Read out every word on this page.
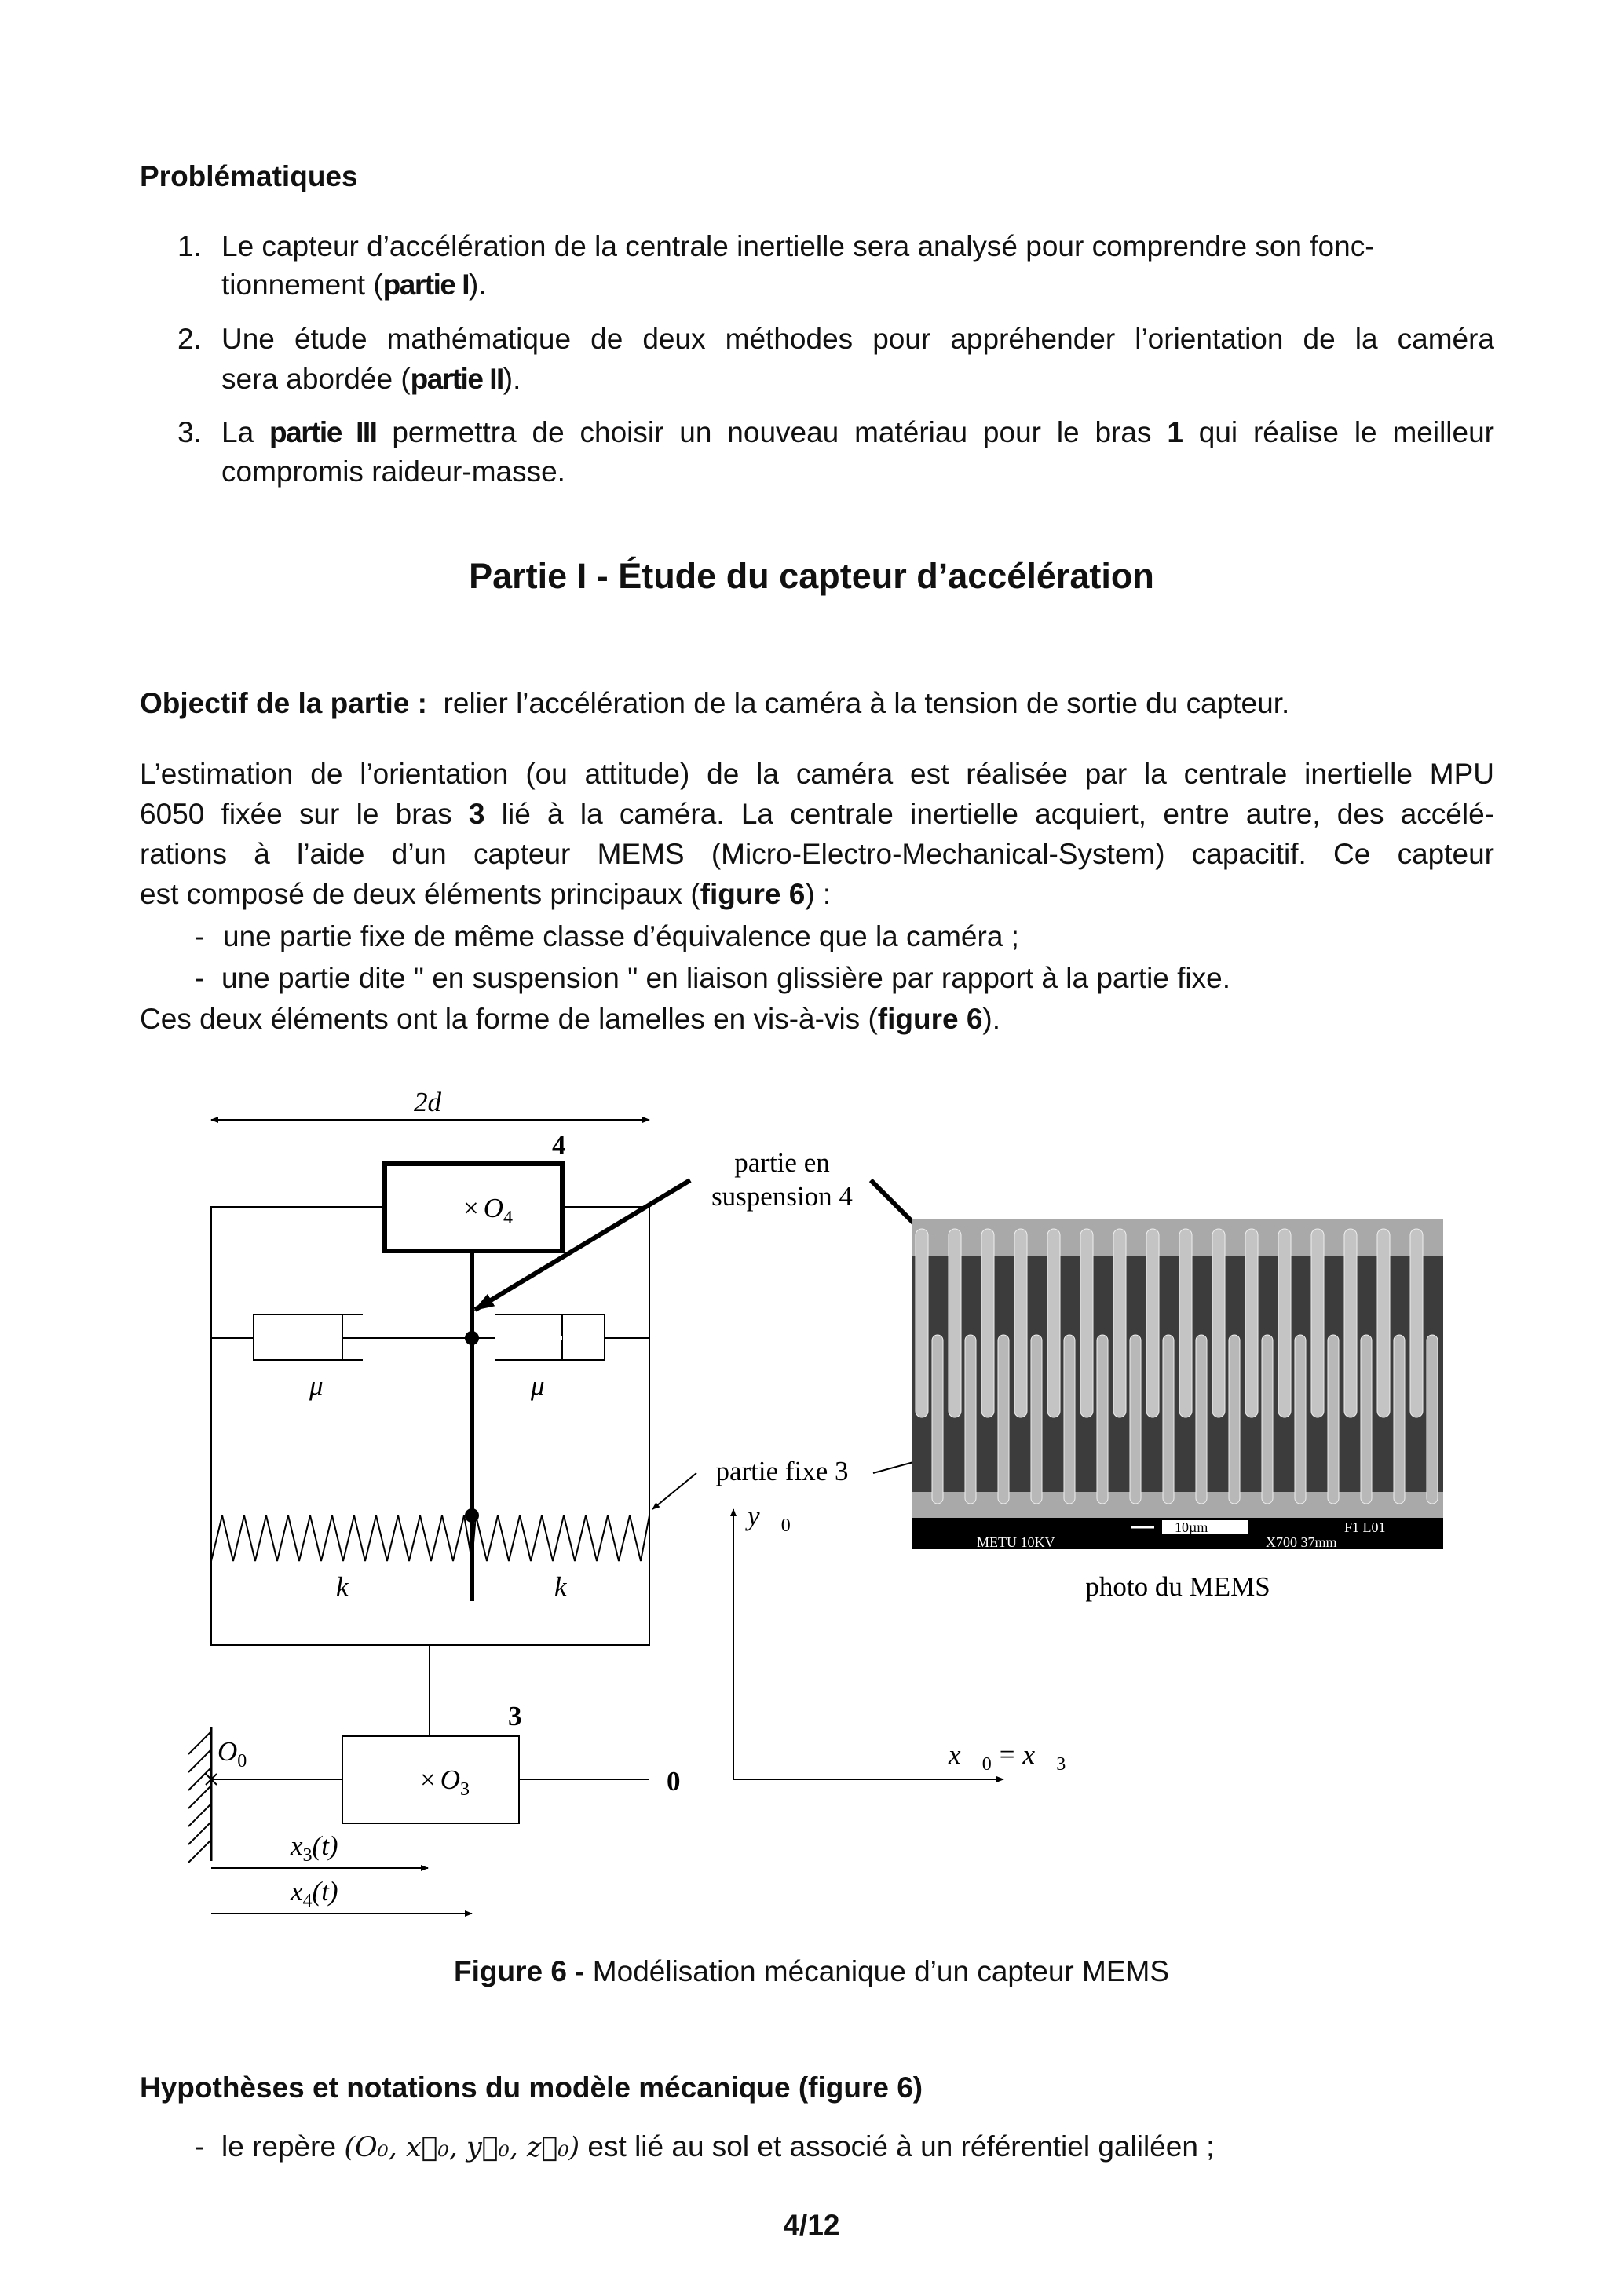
Problématiques
1. Le capteur d’accélération de la centrale inertielle sera analysé pour comprendre son fonc-
tionnement (partie I).
2. Une étude mathématique de deux méthodes pour appréhender l’orientation de la caméra
sera abordée (partie II).
3. La partie III permettra de choisir un nouveau matériau pour le bras 1 qui réalise le meilleur
compromis raideur-masse.
Partie I - Étude du capteur d’accélération
Objectif de la partie : relier l’accélération de la caméra à la tension de sortie du capteur.
L’estimation de l’orientation (ou attitude) de la caméra est réalisée par la centrale inertielle MPU
6050 fixée sur le bras 3 lié à la caméra. La centrale inertielle acquiert, entre autre, des accélé-
rations à l’aide d’un capteur MEMS (Micro-Electro-Mechanical-System) capacitif. Ce capteur
est composé de deux éléments principaux (figure 6) :
- une partie fixe de même classe d’équivalence que la caméra ;
- une partie dite " en suspension " en liaison glissière par rapport à la partie fixe.
Ces deux éléments ont la forme de lamelles en vis-à-vis (figure 6).
2d
4
× $O_4$
μ	μ
k	k
3
× $O_3$	0
$O_0$
$x_3(t)$
$x_4(t)$
$y⃗_0$
$x⃗_0$ = $x⃗_3$
partie en
suspension 4
partie fixe 3
photo du MEMS
10µm	F1 L01
METU 10KV	X700 37mm
Figure 6 - Modélisation mécanique d’un capteur MEMS
Hypothèses et notations du modèle mécanique (figure 6)
- le repère (O₀, x⃗₀, y⃗₀, z⃗₀) est lié au sol et associé à un référentiel galiléen ;
4/12
